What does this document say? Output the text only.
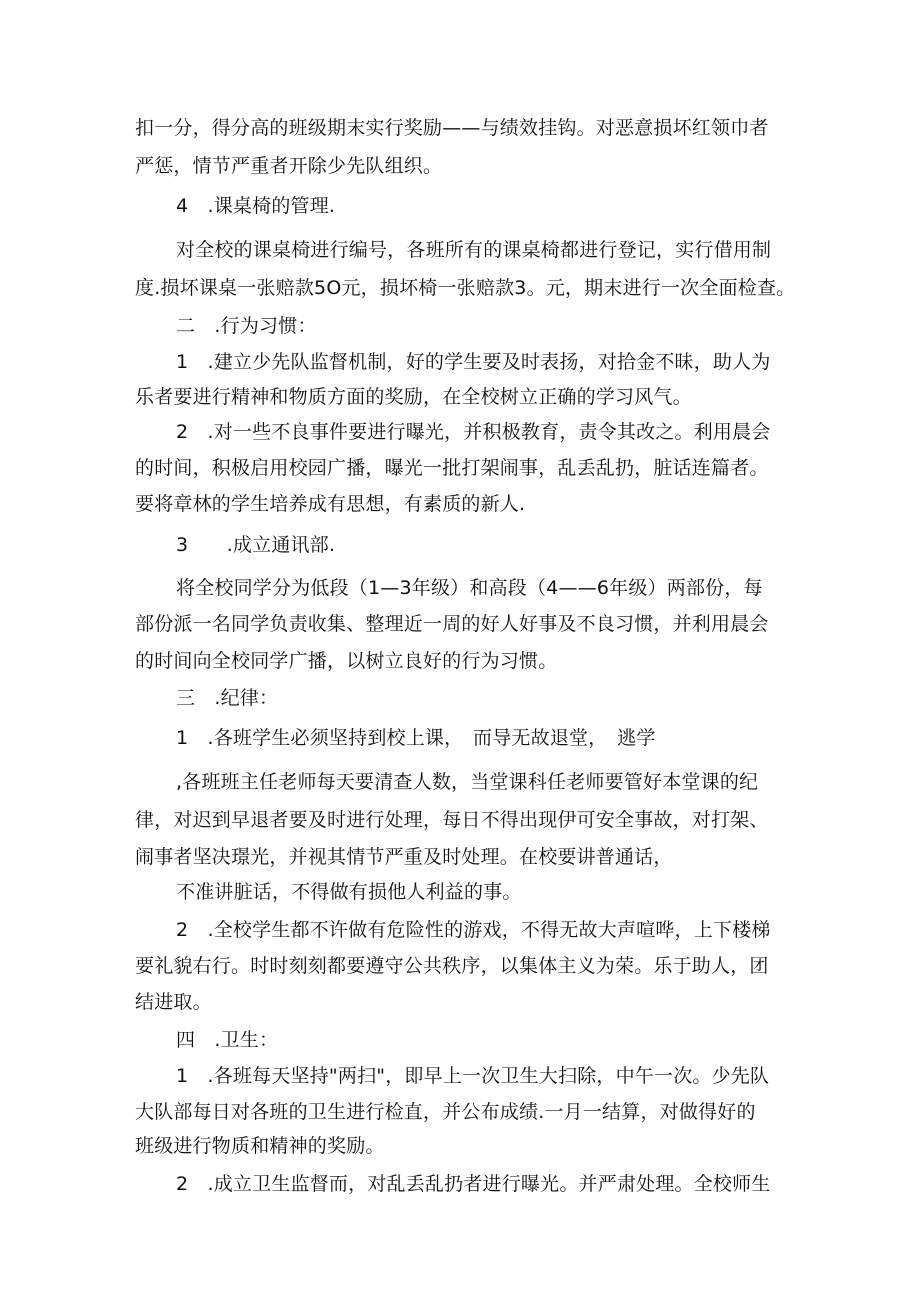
扣一分，得分高的班级期末实行奖励——与绩效挂钩。对恶意损坏红领巾者
严惩，情节严重者开除少先队组织。
4　.课桌椅的管理.
对全校的课桌椅进行编号，各班所有的课桌椅都进行登记，实行借用制
度.损坏课桌一张赔款5O元，损坏椅一张赔款3。元，期末进行一次全面检查。
二　.行为习惯：
1　.建立少先队监督机制，好的学生要及时表扬，对拾金不昧，助人为
乐者要进行精神和物质方面的奖励，在全校树立正确的学习风气。
2　.对一些不良事件要进行曝光，并积极教育，责令其改之。利用晨会
的时间，积极启用校园广播，曝光一批打架闹事，乱丢乱扔，脏话连篇者。
要将章林的学生培养成有思想，有素质的新人.
3　　.成立通讯部.
将全校同学分为低段（1—3年级）和高段（4——6年级）两部份，每
部份派一名同学负责收集、整理近一周的好人好事及不良习惯，并利用晨会
的时间向全校同学广播，以树立良好的行为习惯。
三　.纪律：
1　.各班学生必须坚持到校上课，　而导无故退堂，　逃学
,各班班主任老师每天要清查人数，当堂课科任老师要管好本堂课的纪
律，对迟到早退者要及时进行处理，每日不得出现伊可安全事故，对打架、
闹事者坚决璟光，并视其情节严重及时处理。在校要讲普通话，
不准讲脏话，不得做有损他人利益的事。
2　.全校学生都不许做有危险性的游戏，不得无故大声喧哗，上下楼梯
要礼貌右行。时时刻刻都要遵守公共秩序，以集体主义为荣。乐于助人，团
结进取。
四　.卫生：
1　.各班每天坚持"两扫"，即早上一次卫生大扫除，中午一次。少先队
大队部每日对各班的卫生进行检直，并公布成绩.一月一结算，对做得好的
班级进行物质和精神的奖励。
2　.成立卫生监督而，对乱丢乱扔者进行曝光。并严肃处理。全校师生
